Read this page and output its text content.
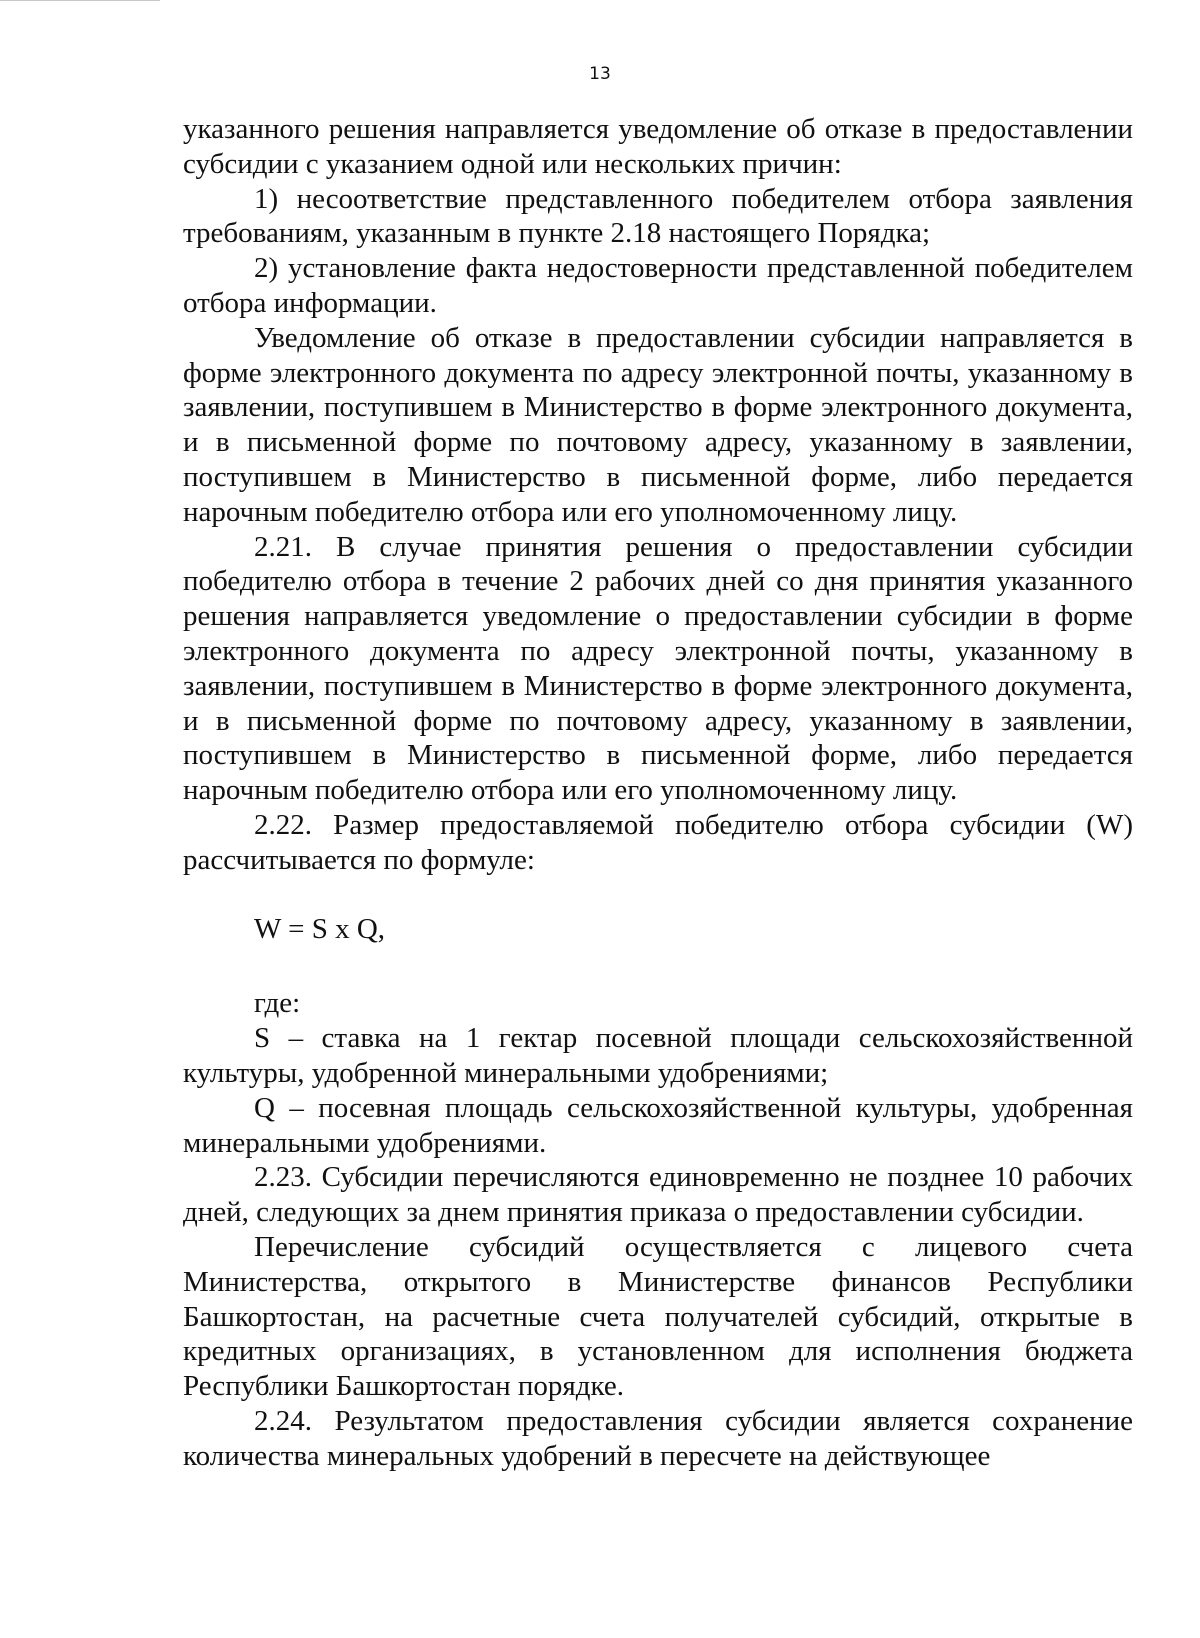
13

указанного решения направляется уведомление об отказе в предоставлении субсидии с указанием одной или нескольких причин:

1) несоответствие представленного победителем отбора заявления требованиям, указанным в пункте 2.18 настоящего Порядка;

2) установление факта недостоверности представленной победителем отбора информации.

Уведомление об отказе в предоставлении субсидии направляется в форме электронного документа по адресу электронной почты, указанному в заявлении, поступившем в Министерство в форме электронного документа, и в письменной форме по почтовому адресу, указанному в заявлении, поступившем в Министерство в письменной форме, либо передается нарочным победителю отбора или его уполномоченному лицу.

2.21. В случае принятия решения о предоставлении субсидии победителю отбора в течение 2 рабочих дней со дня принятия указанного решения направляется уведомление о предоставлении субсидии в форме электронного документа по адресу электронной почты, указанному в заявлении, поступившем в Министерство в форме электронного документа, и в письменной форме по почтовому адресу, указанному в заявлении, поступившем в Министерство в письменной форме, либо передается нарочным победителю отбора или его уполномоченному лицу.

2.22. Размер предоставляемой победителю отбора субсидии (W) рассчитывается по формуле:

W = S x Q,

где:

S – ставка на 1 гектар посевной площади сельскохозяйственной культуры, удобренной минеральными удобрениями;

Q – посевная площадь сельскохозяйственной культуры, удобренная минеральными удобрениями.

2.23. Субсидии перечисляются единовременно не позднее 10 рабочих дней, следующих за днем принятия приказа о предоставлении субсидии.

Перечисление субсидий осуществляется с лицевого счета Министерства, открытого в Министерстве финансов Республики Башкортостан, на расчетные счета получателей субсидий, открытые в кредитных организациях, в установленном для исполнения бюджета Республики Башкортостан порядке.

2.24. Результатом предоставления субсидии является сохранение количества минеральных удобрений в пересчете на действующее
